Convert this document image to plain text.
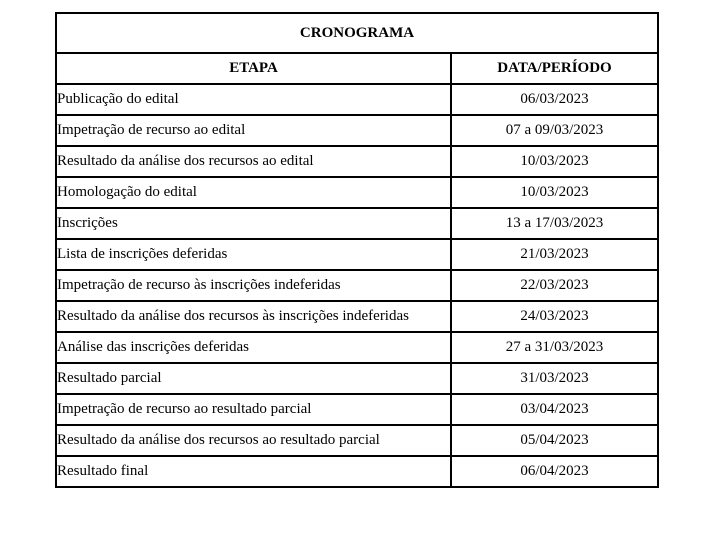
CRONOGRAMA	
ETAPA	DATA/PERÍODO
Publicação do edital	06/03/2023
Impetração de recurso ao edital	07 a 09/03/2023
Resultado da análise dos recursos ao edital	10/03/2023
Homologação do edital	10/03/2023
Inscrições	13 a 17/03/2023
Lista de inscrições deferidas	21/03/2023
Impetração de recurso às inscrições indeferidas	22/03/2023
Resultado da análise dos recursos às inscrições indeferidas	24/03/2023
Análise das inscrições deferidas	27 a 31/03/2023
Resultado parcial	31/03/2023
Impetração de recurso ao resultado parcial	03/04/2023
Resultado da análise dos recursos ao resultado parcial	05/04/2023
Resultado final	06/04/2023
